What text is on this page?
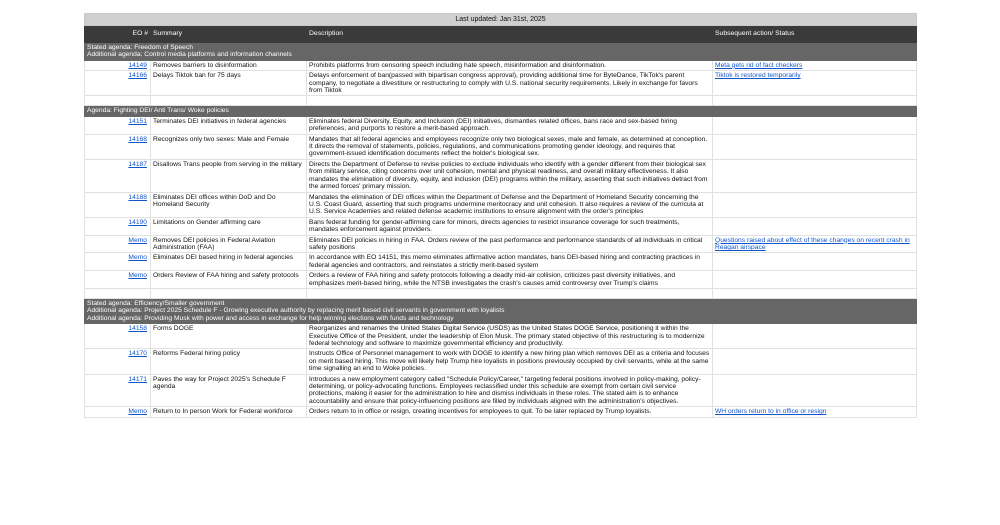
Last updated: Jan 31st, 2025			
EO #	Summary	Description	Subsequent action/ Status

Stated agenda: Freedom of Speech
Additional agenda: Control media platforms and information channels			

14149	Removes barriers to disinformation	Prohibits platforms from censoring speech including hate speech, misinformation and disinformation.	Meta gets rid of fact checkers
14166	Delays Tiktok ban for 75 days	Delays enforcement of ban(passed with bipartisan congress approval), providing additional time for ByteDance, TikTok's parent company, to negotiate a divestiture or restructuring to comply with U.S. national security requirements. Likely in exchange for favors from Tiktok	Tiktok is restored temporarily

Agenda: Fighting DEI/ Anti Trans/ Woke policies			

14151	Terminates DEI initiatives in federal agencies	Eliminates federal Diversity, Equity, and Inclusion (DEI) initiatives, dismantles related offices, bans race and sex-based hiring preferences, and purports to restore a merit-based approach.	
14168	Recognizes only two sexes: Male and Female	Mandates that all federal agencies and employees recognize only two biological sexes, male and female, as determined at conception. It directs the removal of statements, policies, regulations, and communications promoting gender ideology, and requires that government-issued identification documents reflect the holder's biological sex.	
14187	Disallows Trans people from serving in the military	Directs the Department of Defense to revise policies to exclude individuals who identify with a gender different from their biological sex from military service, citing concerns over unit cohesion, mental and physical readiness, and overall military effectiveness. It also mandates the elimination of diversity, equity, and inclusion (DEI) programs within the military, asserting that such initiatives detract from the armed forces' primary mission.	
14188	Eliminates DEI offices within DoD and Do Homeland Security	Mandates the elimination of DEI offices within the Department of Defense and the Department of Homeland Security concerning the U.S. Coast Guard, asserting that such programs undermine meritocracy and unit cohesion. It also requires a review of the curricula at U.S. Service Academies and related defense academic institutions to ensure alignment with the order's principles	
14190	Limitations on Gender affirming care	Bans federal funding for gender-affirming care for minors, directs agencies to restrict insurance coverage for such treatments, mandates enforcement against providers.	
Memo	Removes DEI policies in Federal Aviation Administration (FAA)	Eliminates DEI policies in hiring in FAA. Orders review of the past performance and performance standards of all individuals in critical safety positions	Questions raised about effect of these changes on recent crash in Reagan airspace
Memo	Eliminates DEI based hiring in federal agencies	In accordance with EO 14151, this memo eliminates affirmative action mandates, bans DEI-based hiring and contracting practices in federal agencies and contractors, and reinstates a strictly merit-based system	
Memo	Orders Review of FAA hiring and safety protocols	Orders a review of FAA hiring and safety protocols following a deadly mid-air collision, criticizes past diversity initiatives, and emphasizes merit-based hiring, while the NTSB investigates the crash's causes amid controversy over Trump's claims	

Stated agenda: Efficiency/Smaller government
Additional agenda: Project 2025 Schedule F - Growing executive authority by replacing merit based civil servants in government with loyalists
Additional agenda: Providing Musk with power and access in exchange for help winning elections with funds and technology			

14158	Forms DOGE	Reorganizes and renames the United States Digital Service (USDS) as the United States DOGE Service, positioning it within the Executive Office of the President, under the leadership of Elon Musk. The primary stated objective of this restructuring is to modernize federal technology and software to maximize governmental efficiency and productivity.	
14170	Reforms Federal hiring policy	Instructs Office of Personnel management to work with DOGE to identify a new hiring plan which removes DEI as a criteria and focuses on merit based hiring. This move will likely help Trump hire loyalists in positions previously occupied by civil servants, while at the same time signalling an end to Woke policies.	
14171	Paves the way for Project 2025's Schedule F agenda	Introduces a new employment category called "Schedule Policy/Career," targeting federal positions involved in policy-making, policy-determining, or policy-advocating functions. Employees reclassified under this schedule are exempt from certain civil service protections, making it easier for the administration to hire and dismiss individuals in these roles. The stated aim is to enhance accountability and ensure that policy-influencing positions are filled by individuals aligned with the administration's objectives.	
Memo	Return to In person Work for Federal workforce	Orders return to in office or resign, creating incentives for employees to quit. To be later replaced by Trump loyalists.	WH orders return to in office or resign
